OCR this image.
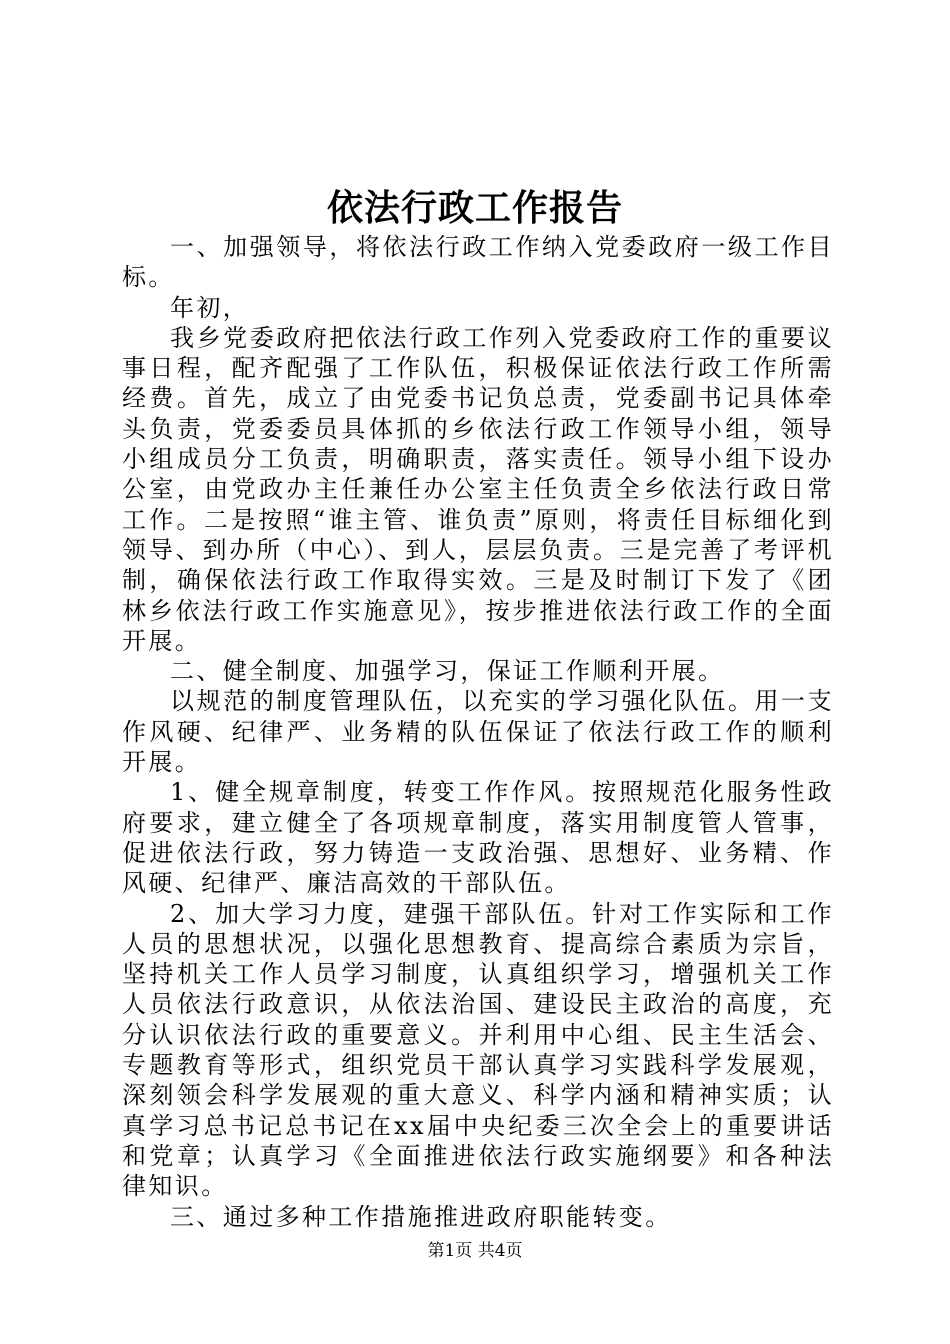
依法行政工作报告

一、加强领导，将依法行政工作纳入党委政府一级工作目标。

年初，

我乡党委政府把依法行政工作列入党委政府工作的重要议事日程，配齐配强了工作队伍，积极保证依法行政工作所需经费。首先，成立了由党委书记负总责，党委副书记具体牵头负责，党委委员具体抓的乡依法行政工作领导小组，领导小组成员分工负责，明确职责，落实责任。领导小组下设办公室，由党政办主任兼任办公室主任负责全乡依法行政日常工作。二是按照“谁主管、谁负责”原则，将责任目标细化到领导、到办所（中心）、到人，层层负责。三是完善了考评机制，确保依法行政工作取得实效。三是及时制订下发了《团林乡依法行政工作实施意见》，按步推进依法行政工作的全面开展。

二、健全制度、加强学习，保证工作顺利开展。

以规范的制度管理队伍，以充实的学习强化队伍。用一支作风硬、纪律严、业务精的队伍保证了依法行政工作的顺利开展。

1、健全规章制度，转变工作作风。按照规范化服务性政府要求，建立健全了各项规章制度，落实用制度管人管事，促进依法行政，努力铸造一支政治强、思想好、业务精、作风硬、纪律严、廉洁高效的干部队伍。

2、加大学习力度，建强干部队伍。针对工作实际和工作人员的思想状况，以强化思想教育、提高综合素质为宗旨，坚持机关工作人员学习制度，认真组织学习，增强机关工作人员依法行政意识，从依法治国、建设民主政治的高度，充分认识依法行政的重要意义。并利用中心组、民主生活会、专题教育等形式，组织党员干部认真学习实践科学发展观，深刻领会科学发展观的重大意义、科学内涵和精神实质；认真学习总书记总书记在xx届中央纪委三次全会上的重要讲话和党章；认真学习《全面推进依法行政实施纲要》和各种法律知识。

三、通过多种工作措施推进政府职能转变。

第1页 共4页
